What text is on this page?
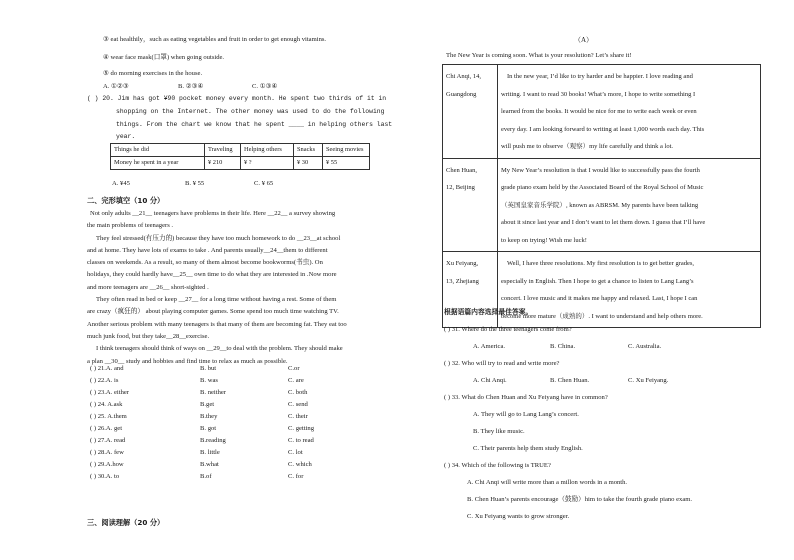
③ eat healthily，such as eating vegetables and fruit in order to get enough vitamins.
④ wear face mask(口罩) when going outside.
⑤ do morning exercises in the house.
A. ①②③	B. ②③④	C. ①③④
( ) 20. Jim has got ¥90 pocket money every month. He spent two thirds of it in
shopping on the Internet. The other money was used to do the following
things. From the chart we know that he spent ____ in helping others last
year.
Things he did	Traveling	Helping others	Snacks	Seeing movies
Money he spent in a year	¥ 210	¥ ?	¥ 30	¥ 55
A. ¥45	B. ¥ 55	C. ¥ 65
二、完形填空（10 分）
Not only adults __21__ teenagers have problems in their life. Here __22__ a survey showing
the main problems of teenagers .
They feel stressed(有压力的) because they have too much homework to do __23__at school
and at home. They have lots of exams to take . And parents usually__24__them to different
classes on weekends. As a result, so many of them almost become bookworms(书虫). On
holidays, they could hardly have__25__ own time to do what they are interested in .Now more
and more teenagers are __26__ short-sighted .
They often read in bed or keep __27__ for a long time without having a rest. Some of them
are crazy（疯狂的） about playing computer games. Some spend too much time watching TV.
Another serious problem with many teenagers is that many of them are becoming fat. They eat too
much junk food, but they take__28__exercise.
I think teenagers should think of ways on __29__to deal with the problem. They should make
a plan __30__ study and hobbies and find time to relax as much as possible.
( ) 21.A. and	B. but	C.or
( ) 22.A. is	B. was	C. are
( ) 23.A. either	B. neither	C. both
( ) 24. A.ask	B.get	C. send
( ) 25. A.them	B.they	C. their
( ) 26.A. get	B. got	C. getting
( ) 27.A. read	B.reading	C. to read
( ) 28.A. few	B. little	C. lot
( ) 29.A.how	B.what	C. which
( ) 30.A. to	B.of	C. for
三、阅读理解（20 分）
（A）
The New Year is coming soon. What is your resolution? Let’s share it!
Chi Anqi, 14,
Guangdong	In the new year, I’d like to try harder and be happier. I love reading and
writing. I want to read 30 books! What’s more, I hope to write something I
learned from the books. It would be nice for me to write each week or even
every day. I am looking forward to writing at least 1,000 words each day. This
will push me to observe（观察）my life carefully and think a lot.

Chen Huan,
12, Beijing	My New Year’s resolution is that I would like to successfully pass the fourth
grade piano exam held by the Associated Board of the Royal School of Music
（英国皇家音乐学院）, known as ABRSM. My parents have been talking
about it since last year and I don’t want to let them down. I guess that I’ll have
to keep on trying! Wish me luck!

Xu Feiyang,
13, Zhejiang	Well, I have three resolutions. My first resolution is to get better grades,
especially in English. Then I hope to get a chance to listen to Lang Lang’s
concert. I love music and it makes me happy and relaxed. Last, I hope I can
become more mature（成熟的）. I want to understand and help others more.
根据语篇内容选择最佳答案。
( ) 31. Where do the three teenagers come from?
A. America.	B. China.	C. Australia.
( ) 32. Who will try to read and write more?
A. Chi Anqi.	B. Chen Huan.	C. Xu Feiyang.
( ) 33. What do Chen Huan and Xu Feiyang have in common?
A. They will go to Lang Lang’s concert.
B. They like music.
C. Their parents help them study English.
( ) 34. Which of the following is TRUE?
A. Chi Anqi will write more than a millon words in a month.
B. Chen Huan’s parents encourage（鼓励）him to take the fourth grade piano exam.
C. Xu Feiyang wants to grow stronger.
